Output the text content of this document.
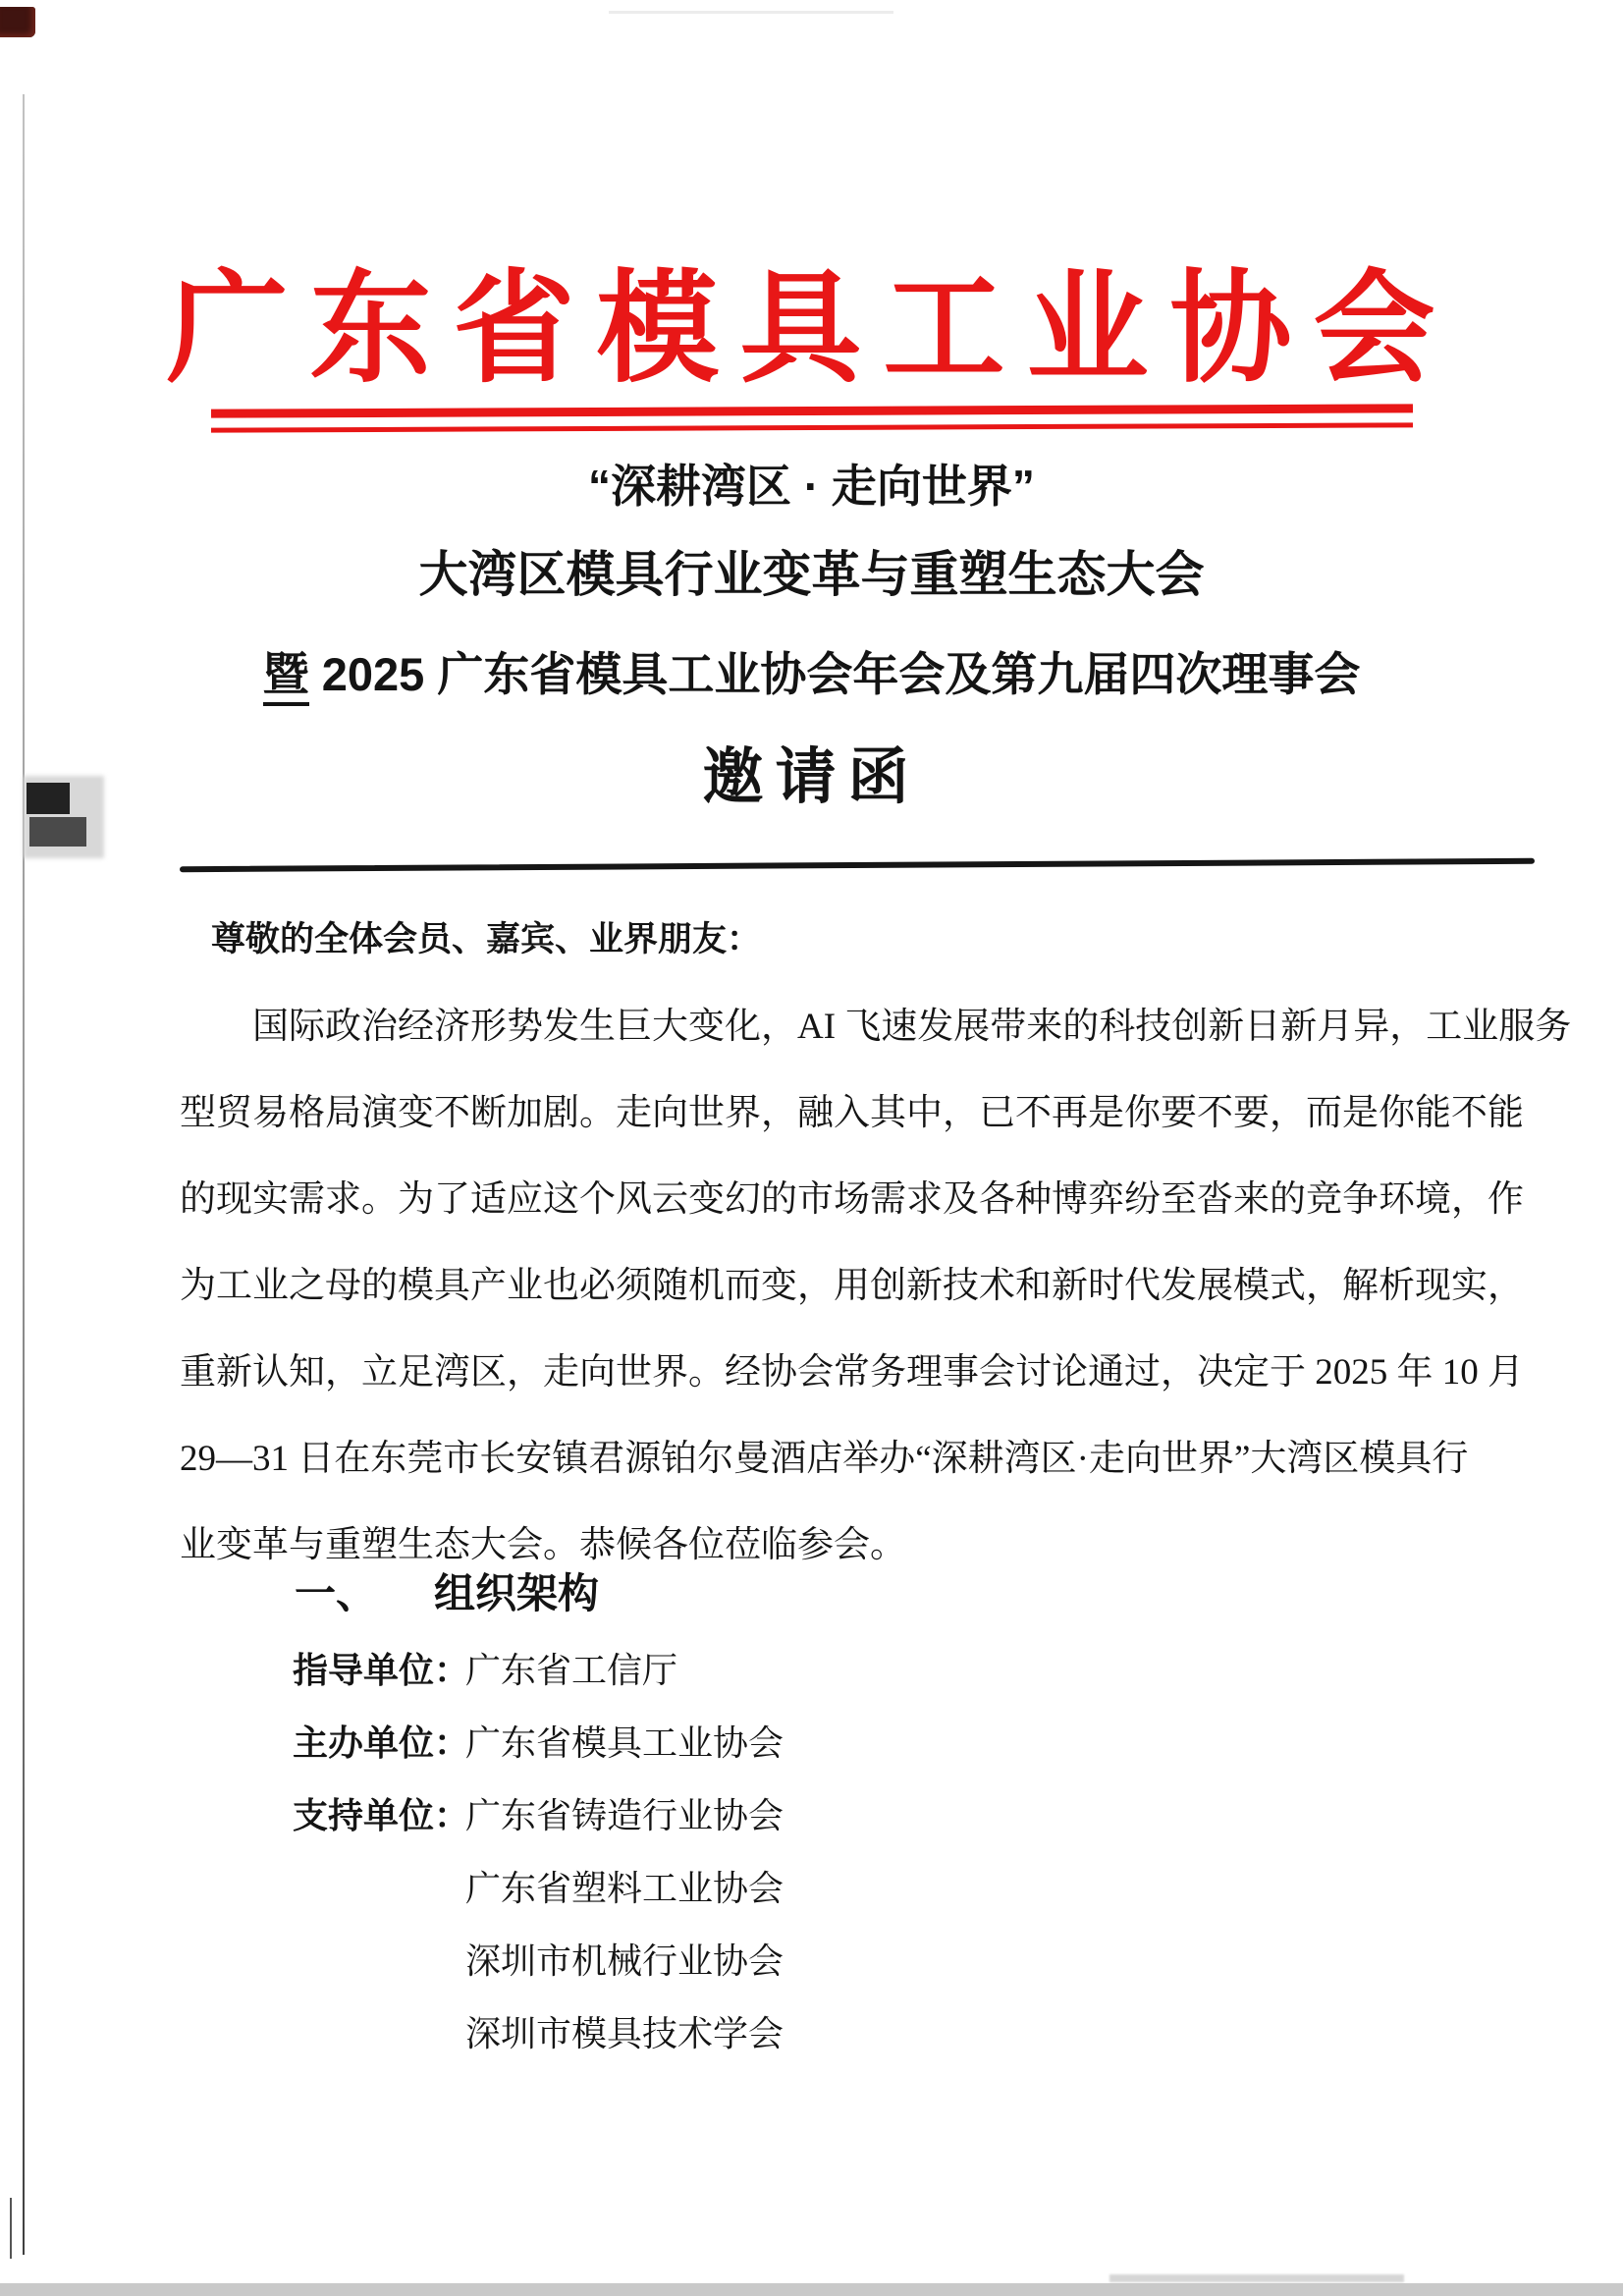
广东省模具工业协会
“深耕湾区 · 走向世界”
大湾区模具行业变革与重塑生态大会
暨 2025 广东省模具工业协会年会及第九届四次理事会
邀请函
尊敬的全体会员、嘉宾、业界朋友：
国际政治经济形势发生巨大变化，AI 飞速发展带来的科技创新日新月异，工业服务
型贸易格局演变不断加剧。走向世界，融入其中，已不再是你要不要，而是你能不能
的现实需求。为了适应这个风云变幻的市场需求及各种博弈纷至沓来的竞争环境，作
为工业之母的模具产业也必须随机而变，用创新技术和新时代发展模式，解析现实，
重新认知，立足湾区，走向世界。经协会常务理事会讨论通过，决定于 2025 年 10 月
29—31 日在东莞市长安镇君源铂尔曼酒店举办“深耕湾区·走向世界”大湾区模具行
业变革与重塑生态大会。恭候各位莅临参会。
一、 组织架构
指导单位：
广东省工信厅
主办单位：
广东省模具工业协会
支持单位：
广东省铸造行业协会
广东省塑料工业协会
深圳市机械行业协会
深圳市模具技术学会
